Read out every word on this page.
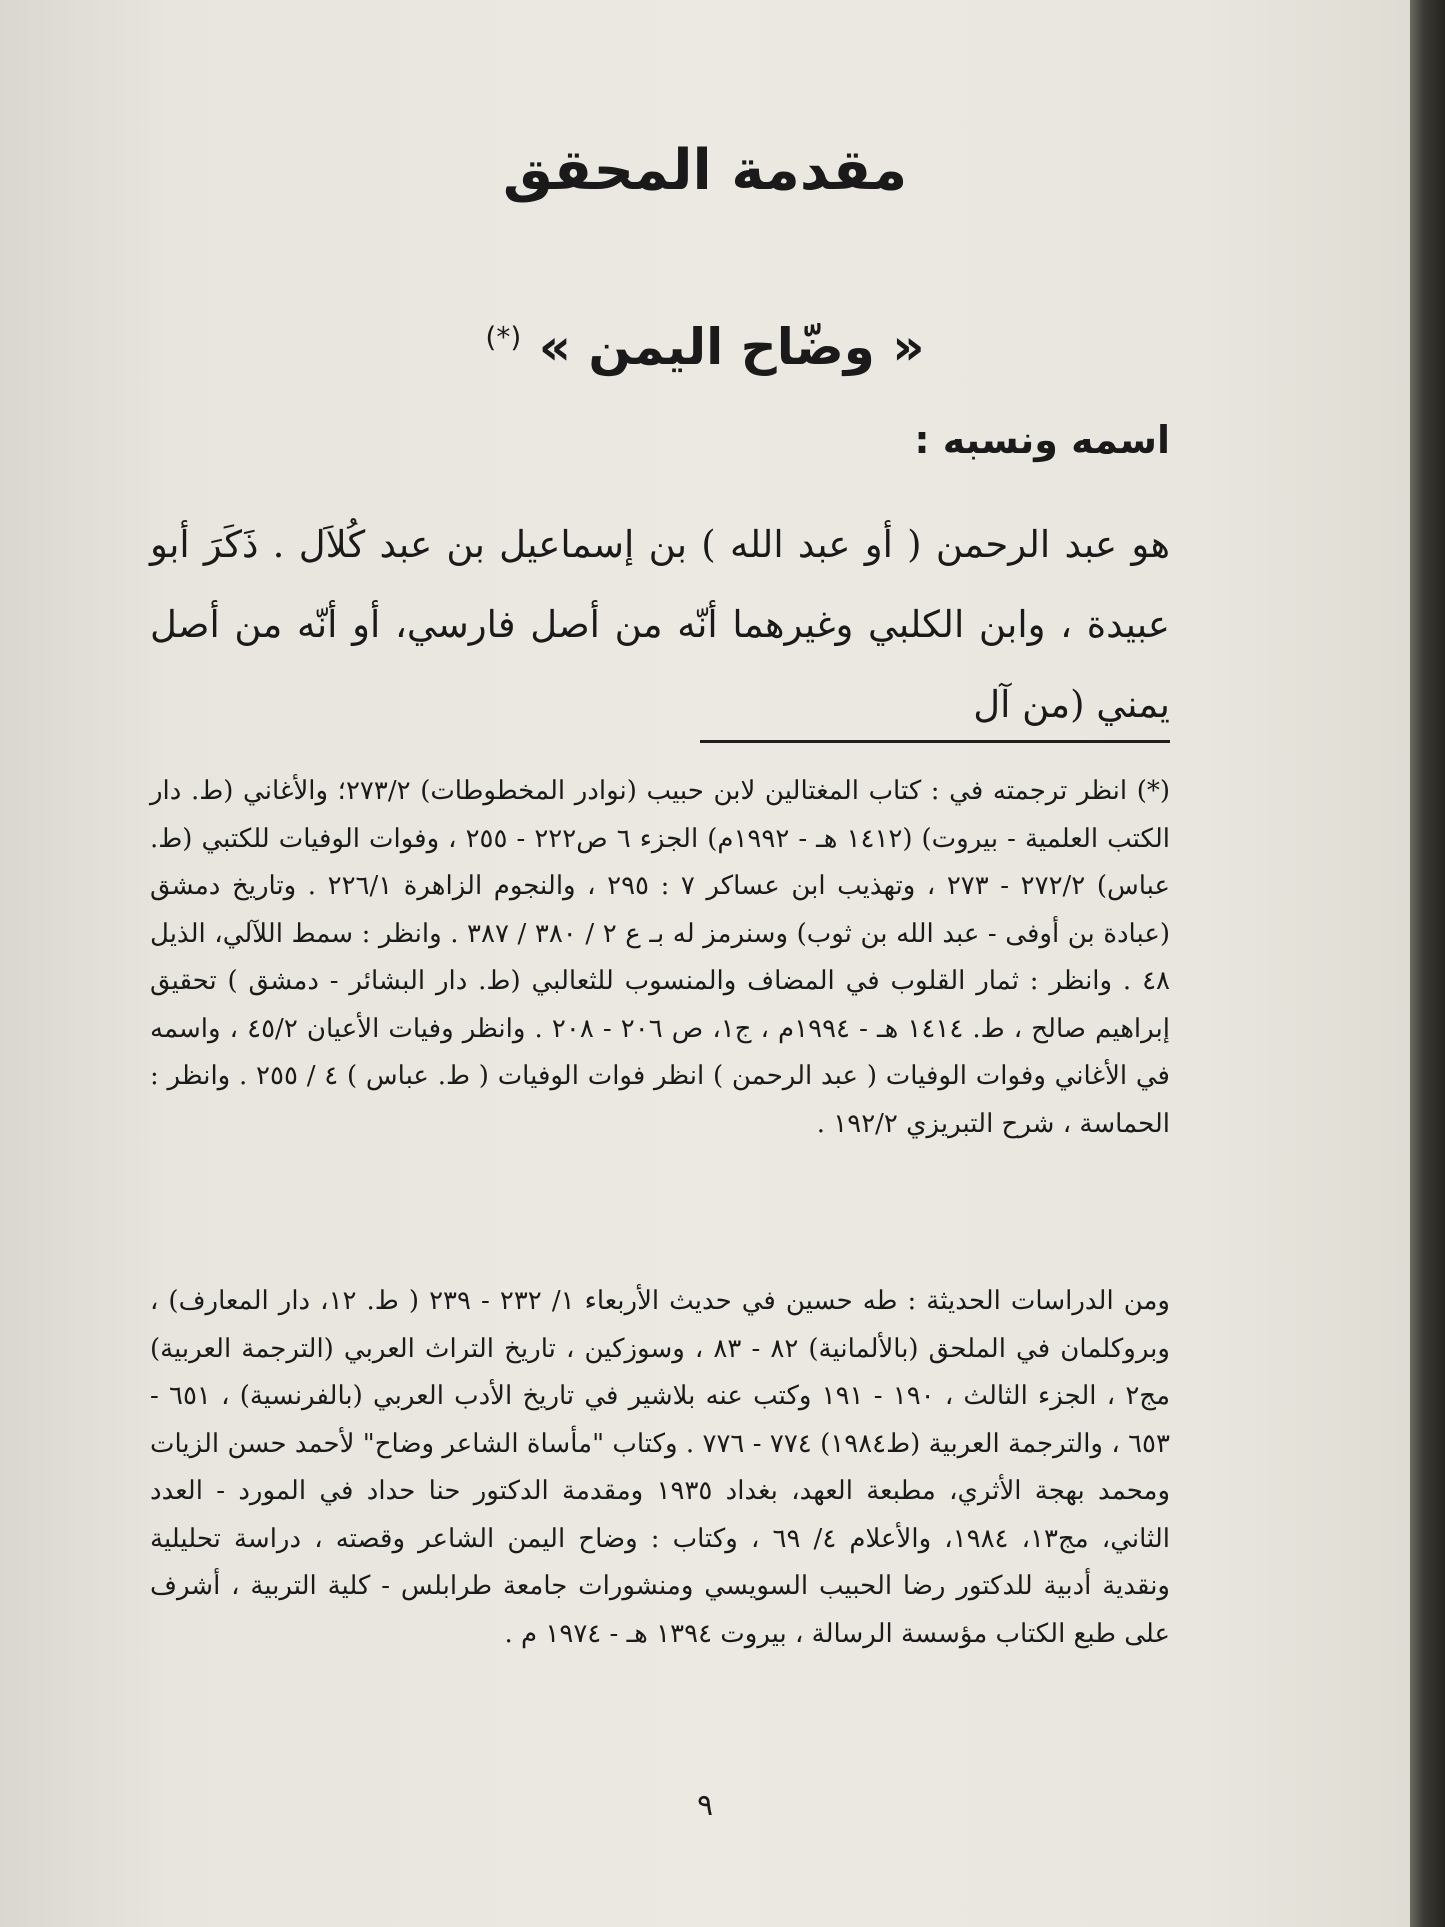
مقدمة المحقق
« وضّاح اليمن » (*)
اسمه ونسبه :

هو عبد الرحمن ( أو عبد الله ) بن إسماعيل بن عبد كُلاَل . ذَكَرَ أبو عبيدة ، وابن الكلبي وغيرهما أنّه من أصل فارسي، أو أنّه من أصل يمني (من آل

(*) انظر ترجمته في : كتاب المغتالين لابن حبيب (نوادر المخطوطات) ٢٧٣/٢؛ والأغاني (ط. دار الكتب العلمية - بيروت) (١٤١٢ هـ - ١٩٩٢م) الجزء ٦ ص٢٢٢ - ٢٥٥ ، وفوات الوفيات للكتبي (ط. عباس) ٢٧٢/٢ - ٢٧٣ ، وتهذيب ابن عساكر ٧ : ٢٩٥ ، والنجوم الزاهرة ٢٢٦/١ . وتاريخ دمشق (عبادة بن أوفى - عبد الله بن ثوب) وسنرمز له بـ ع ٢ / ٣٨٠ / ٣٨٧ . وانظر : سمط اللآلي، الذيل ٤٨ . وانظر : ثمار القلوب في المضاف والمنسوب للثعالبي (ط. دار البشائر - دمشق ) تحقيق إبراهيم صالح ، ط. ١٤١٤ هـ - ١٩٩٤م ، ج١، ص ٢٠٦ - ٢٠٨ . وانظر وفيات الأعيان ٤٥/٢ ، واسمه في الأغاني وفوات الوفيات ( عبد الرحمن ) انظر فوات الوفيات ( ط. عباس ) ٤ / ٢٥٥ . وانظر : الحماسة ، شرح التبريزي ١٩٢/٢ .

ومن الدراسات الحديثة : طه حسين في حديث الأربعاء ١/ ٢٣٢ - ٢٣٩ ( ط. ١٢، دار المعارف) ، وبروكلمان في الملحق (بالألمانية) ٨٢ - ٨٣ ، وسوزكين ، تاريخ التراث العربي (الترجمة العربية) مج٢ ، الجزء الثالث ، ١٩٠ - ١٩١ وكتب عنه بلاشير في تاريخ الأدب العربي (بالفرنسية) ، ٦٥١ - ٦٥٣ ، والترجمة العربية (ط١٩٨٤) ٧٧٤ - ٧٧٦ . وكتاب "مأساة الشاعر وضاح" لأحمد حسن الزيات ومحمد بهجة الأثري، مطبعة العهد، بغداد ١٩٣٥ ومقدمة الدكتور حنا حداد في المورد - العدد الثاني، مج١٣، ١٩٨٤، والأعلام ٤/ ٦٩ ، وكتاب : وضاح اليمن الشاعر وقصته ، دراسة تحليلية ونقدية أدبية للدكتور رضا الحبيب السويسي ومنشورات جامعة طرابلس - كلية التربية ، أشرف على طبع الكتاب مؤسسة الرسالة ، بيروت ١٣٩٤ هـ - ١٩٧٤ م .

٩
